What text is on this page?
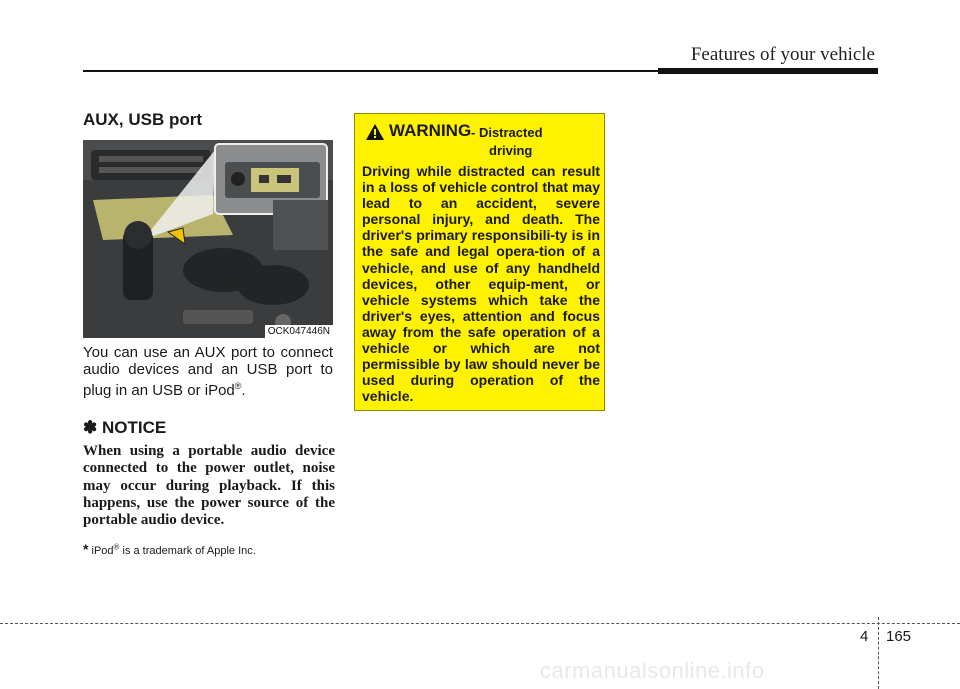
Features of your vehicle
AUX, USB port
OCK047446N

You can use an AUX port to connect audio devices and an USB port to plug in an USB or iPod®.

✽ NOTICE

When using a portable audio device connected to the power outlet, noise may occur during playback. If this happens, use the power source of the portable audio device.

* iPod® is a trademark of Apple Inc.
WARNING - Distracted
driving

Driving while distracted can result in a loss of vehicle control that may lead to an accident, severe personal injury, and death. The driver's primary responsibili-ty is in the safe and legal opera-tion of a vehicle, and use of any handheld devices, other equip-ment, or vehicle systems which take the driver's eyes, attention and focus away from the safe operation of a vehicle or which are not permissible by law should never be used during operation of the vehicle.

4 165
carmanualsonline.info
